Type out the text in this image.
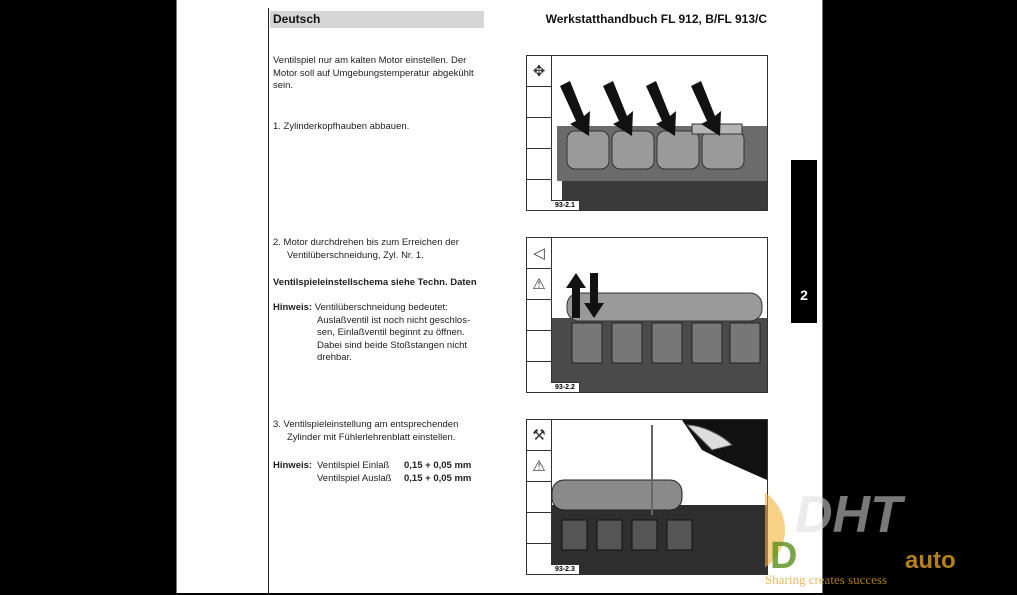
Deutsch	Werkstatthandbuch FL 912, B/FL 913/C
Ventilspiel nur am kalten Motor einstellen. Der
Motor soll auf Umgebungstemperatur abgekühlt
sein.
1. Zylinderkopfhauben abbauen.
2. Motor durchdrehen bis zum Erreichen der
Ventilüberschneidung, Zyl. Nr. 1.
Ventilspieleinstellschema siehe Techn. Daten
Hinweis: Ventilüberschneidung bedeutet:
Auslaßventil ist noch nicht geschlos-
sen, Einlaßventil beginnt zu öffnen.
Dabei sind beide Stoßstangen nicht
drehbar.
3. Ventilspieleinstellung am entsprechenden
Zylinder mit Fühlerlehrenblatt einstellen.
Hinweis: Ventilspiel Einlaß	0,15 + 0,05 mm
Ventilspiel Auslaß	0,15 + 0,05 mm
✥
93-2.1
◁
⚠
93-2.2
⚒
⚠
93-2.3
2
DHT
D	auto
Sharing creates success
